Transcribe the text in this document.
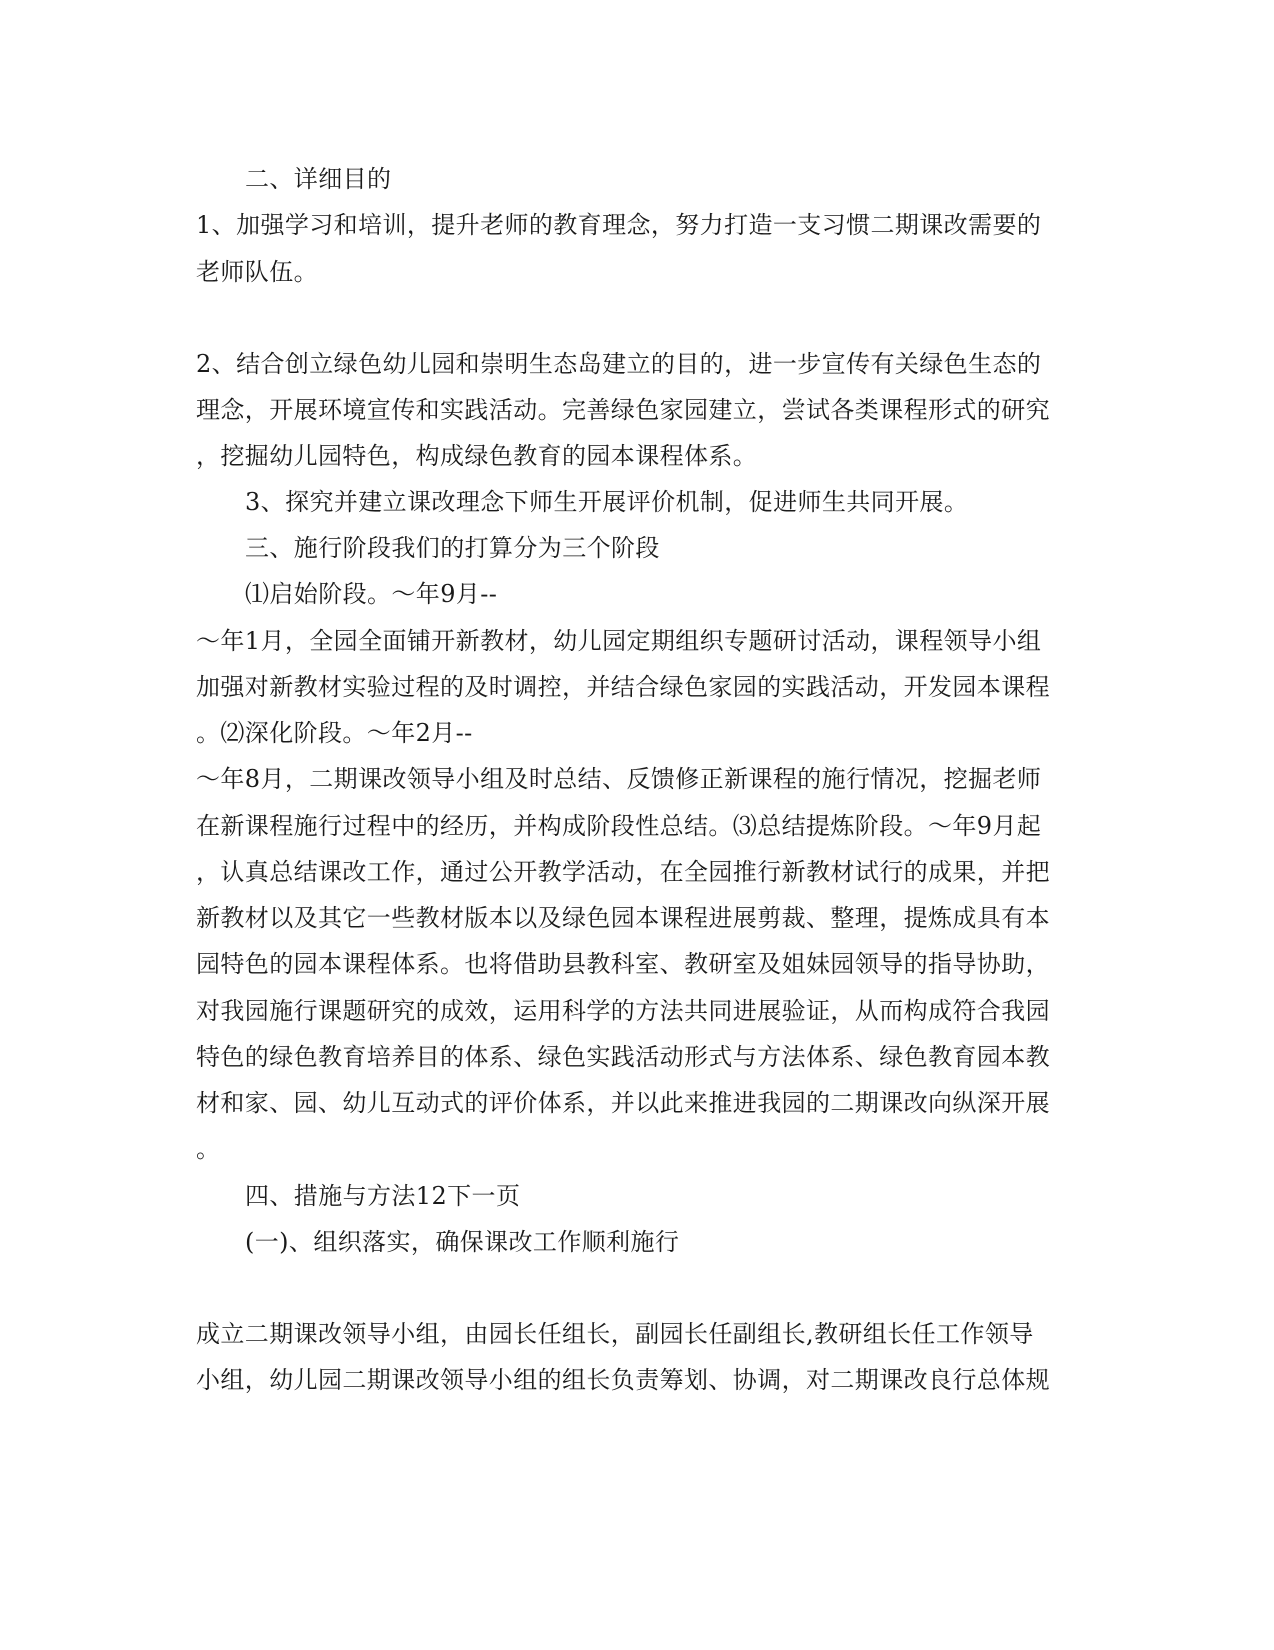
二、详细目的
1、加强学习和培训，提升老师的教育理念，努力打造一支习惯二期课改需要的
老师队伍。
2、结合创立绿色幼儿园和崇明生态岛建立的目的，进一步宣传有关绿色生态的
理念，开展环境宣传和实践活动。完善绿色家园建立，尝试各类课程形式的研究
，挖掘幼儿园特色，构成绿色教育的园本课程体系。
3、探究并建立课改理念下师生开展评价机制，促进师生共同开展。
三、施行阶段我们的打算分为三个阶段
⑴启始阶段。～年9月--
～年1月，全园全面铺开新教材，幼儿园定期组织专题研讨活动，课程领导小组
加强对新教材实验过程的及时调控，并结合绿色家园的实践活动，开发园本课程
。⑵深化阶段。～年2月--
～年8月，二期课改领导小组及时总结、反馈修正新课程的施行情况，挖掘老师
在新课程施行过程中的经历，并构成阶段性总结。⑶总结提炼阶段。～年9月起
，认真总结课改工作，通过公开教学活动，在全园推行新教材试行的成果，并把
新教材以及其它一些教材版本以及绿色园本课程进展剪裁、整理，提炼成具有本
园特色的园本课程体系。也将借助县教科室、教研室及姐妹园领导的指导协助，
对我园施行课题研究的成效，运用科学的方法共同进展验证，从而构成符合我园
特色的绿色教育培养目的体系、绿色实践活动形式与方法体系、绿色教育园本教
材和家、园、幼儿互动式的评价体系，并以此来推进我园的二期课改向纵深开展
。
四、措施与方法12下一页
(一)、组织落实，确保课改工作顺利施行
成立二期课改领导小组，由园长任组长，副园长任副组长,教研组长任工作领导
小组，幼儿园二期课改领导小组的组长负责筹划、协调，对二期课改良行总体规
